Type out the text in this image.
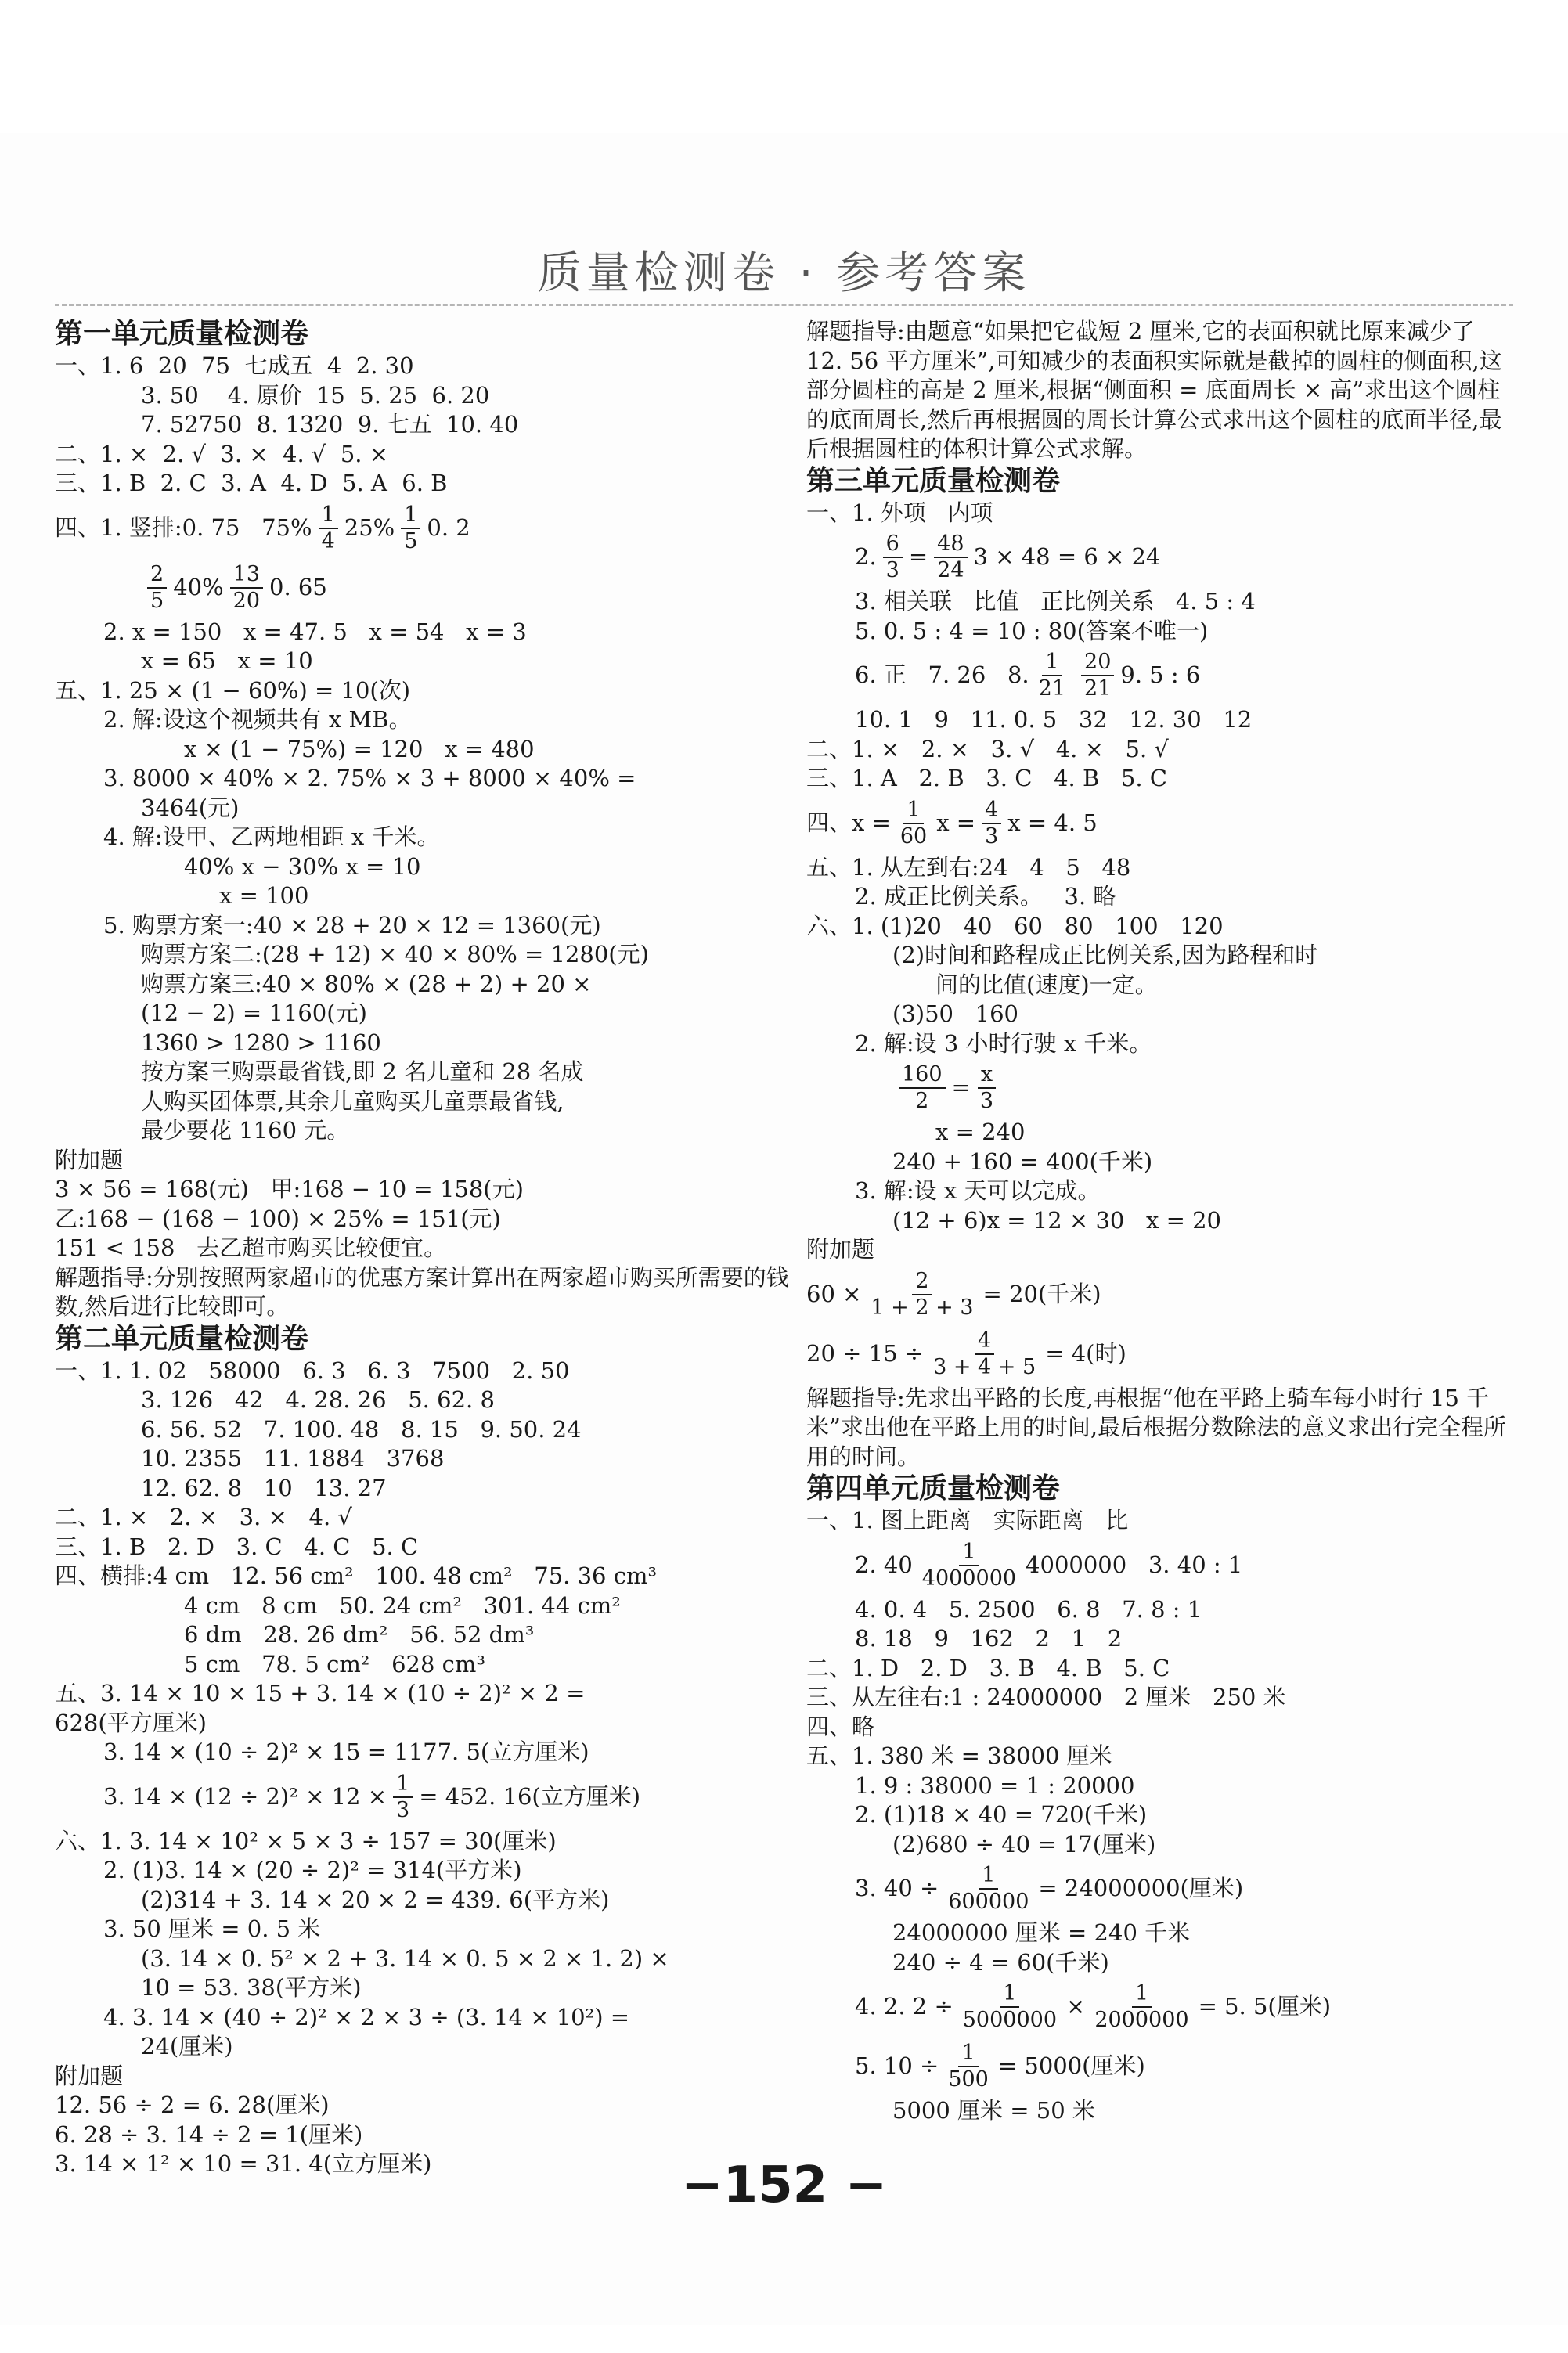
质量检测卷 · 参考答案
第一单元质量检测卷
一、1. 6  20  75  七成五  4  2. 30
3. 50    4. 原价  15  5. 25  6. 20
7. 52750  8. 1320  9. 七五  10. 40
二、1. ×  2. √  3. ×  4. √  5. ×
三、1. B  2. C  3. A  4. D  5. A  6. B
四、1. 竖排:0. 75   $75\% \frac{1}{4} 25\% \frac{1}{5} 0$. 2
$\frac{2}{5} 40\% \frac{13}{20} 0$. 65
2. x = 150   x = 47. 5   x = 54   x = 3
x = 65   x = 10
五、1. 25 × (1 − 60%) = 10(次)
2. 解:设这个视频共有 x MB。
x × (1 − 75%) = 120   x = 480
3. 8000 × 40% × 2. 75% × 3 + 8000 × 40% =
3464(元)
4. 解:设甲、乙两地相距 x 千米。
40% x − 30% x = 10
x = 100
5. 购票方案一:40 × 28 + 20 × 12 = 1360(元)
购票方案二:(28 + 12) × 40 × 80% = 1280(元)
购票方案三:40 × 80% × (28 + 2) + 20 ×
(12 − 2) = 1160(元)
1360 > 1280 > 1160
按方案三购票最省钱,即 2 名儿童和 28 名成
人购买团体票,其余儿童购买儿童票最省钱,
最少要花 1160 元。
附加题
3 × 56 = 168(元)   甲:168 − 10 = 158(元)
乙:168 − (168 − 100) × 25% = 151(元)
151 < 158   去乙超市购买比较便宜。
解题指导:分别按照两家超市的优惠方案计算出在两家超市购买所需要的钱数,然后进行比较即可。
第二单元质量检测卷
一、1. 1. 02   58000   6. 3   6. 3   7500   2. 50
3. 126   42   4. 28. 26   5. 62. 8
6. 56. 52   7. 100. 48   8. 15   9. 50. 24
10. 2355   11. 1884   3768
12. 62. 8   10   13. 27
二、1. ×   2. ×   3. ×   4. √
三、1. B   2. D   3. C   4. C   5. C
四、横排:4 cm   12. 56 cm²   100. 48 cm²   75. 36 cm³
4 cm   8 cm   50. 24 cm²   301. 44 cm²
6 dm   28. 26 dm²   56. 52 dm³
5 cm   78. 5 cm²   628 cm³
五、3. 14 × 10 × 15 + 3. 14 × (10 ÷ 2)² × 2 =
628(平方厘米)
3. 14 × (10 ÷ 2)² × 15 = 1177. 5(立方厘米)
3. $14 \times (12 \div 2)^2 \times 12 \times \frac{1}{3} = 452$. 16(立方厘米)
六、1. 3. 14 × 10² × 5 × 3 ÷ 157 = 30(厘米)
2. (1)3. 14 × (20 ÷ 2)² = 314(平方米)
(2)314 + 3. 14 × 20 × 2 = 439. 6(平方米)
3. 50 厘米 = 0. 5 米
(3. 14 × 0. 5² × 2 + 3. 14 × 0. 5 × 2 × 1. 2) ×
10 = 53. 38(平方米)
4. 3. 14 × (40 ÷ 2)² × 2 × 3 ÷ (3. 14 × 10²) =
24(厘米)
附加题
12. 56 ÷ 2 = 6. 28(厘米)
6. 28 ÷ 3. 14 ÷ 2 = 1(厘米)
3. 14 × 1² × 10 = 31. 4(立方厘米)
解题指导:由题意“如果把它截短 2 厘米,它的表面积就比原来减少了 12. 56 平方厘米”,可知减少的表面积实际就是截掉的圆柱的侧面积,这部分圆柱的高是 2 厘米,根据“侧面积 = 底面周长 × 高”求出这个圆柱的底面周长,然后再根据圆的周长计算公式求出这个圆柱的底面半径,最后根据圆柱的体积计算公式求解。
第三单元质量检测卷
一、1. 外项   内项
2. $\frac{6}{3} = \frac{48}{24} 3 \times 48 = 6 \times 24$
3. 相关联   比值   正比例关系   4. 5 : 4
5. 0. 5 : 4 = 10 : 80(答案不唯一)
6. 正   7. 26   8. $\frac{1}{21} \frac{20}{21} 9$. 5 : 6
10. 1   9   11. 0. 5   32   12. 30   12
二、1. ×   2. ×   3. √   4. ×   5. √
三、1. A   2. B   3. C   4. B   5. C
四、$x = \frac{1}{60}$ $x = \frac{4}{3}$ x = 4. 5
五、1. 从左到右:24   4   5   48
2. 成正比例关系。   3. 略
六、1. (1)20   40   60   80   100   120
(2)时间和路程成正比例关系,因为路程和时
间的比值(速度)一定。
(3)50   160
2. 解:设 3 小时行驶 x 千米。
$\frac{160}{2} = \frac{x}{3}$
x = 240
240 + 160 = 400(千米)
3. 解:设 x 天可以完成。
(12 + 6)x = 12 × 30   x = 20
附加题
$60 \times \frac{2}{1 + 2 + 3} = 20$(千米)
$20 \div 15 \div \frac{4}{3 + 4 + 5} = 4$(时)
解题指导:先求出平路的长度,再根据“他在平路上骑车每小时行 15 千米”求出他在平路上用的时间,最后根据分数除法的意义求出行完全程所用的时间。
第四单元质量检测卷
一、1. 图上距离   实际距离   比
2. $40 \frac{1}{4000000} 4000000$   3. 40 : 1
4. 0. 4   5. 2500   6. 8   7. 8 : 1
8. 18   9   162   2   1   2
二、1. D   2. D   3. B   4. B   5. C
三、从左往右:1 : 24000000   2 厘米   250 米
四、略
五、1. 380 米 = 38000 厘米
1. 9 : 38000 = 1 : 20000
2. (1)18 × 40 = 720(千米)
(2)680 ÷ 40 = 17(厘米)
3. $40 \div \frac{1}{600000} = 24000000$(厘米)
24000000 厘米 = 240 千米
240 ÷ 4 = 60(千米)
4. 2. $2 \div \frac{1}{5000000} \times \frac{1}{2000000} = 5$. 5(厘米)
5. $10 \div \frac{1}{500} = 5000$(厘米)
5000 厘米 = 50 米
−152 −
